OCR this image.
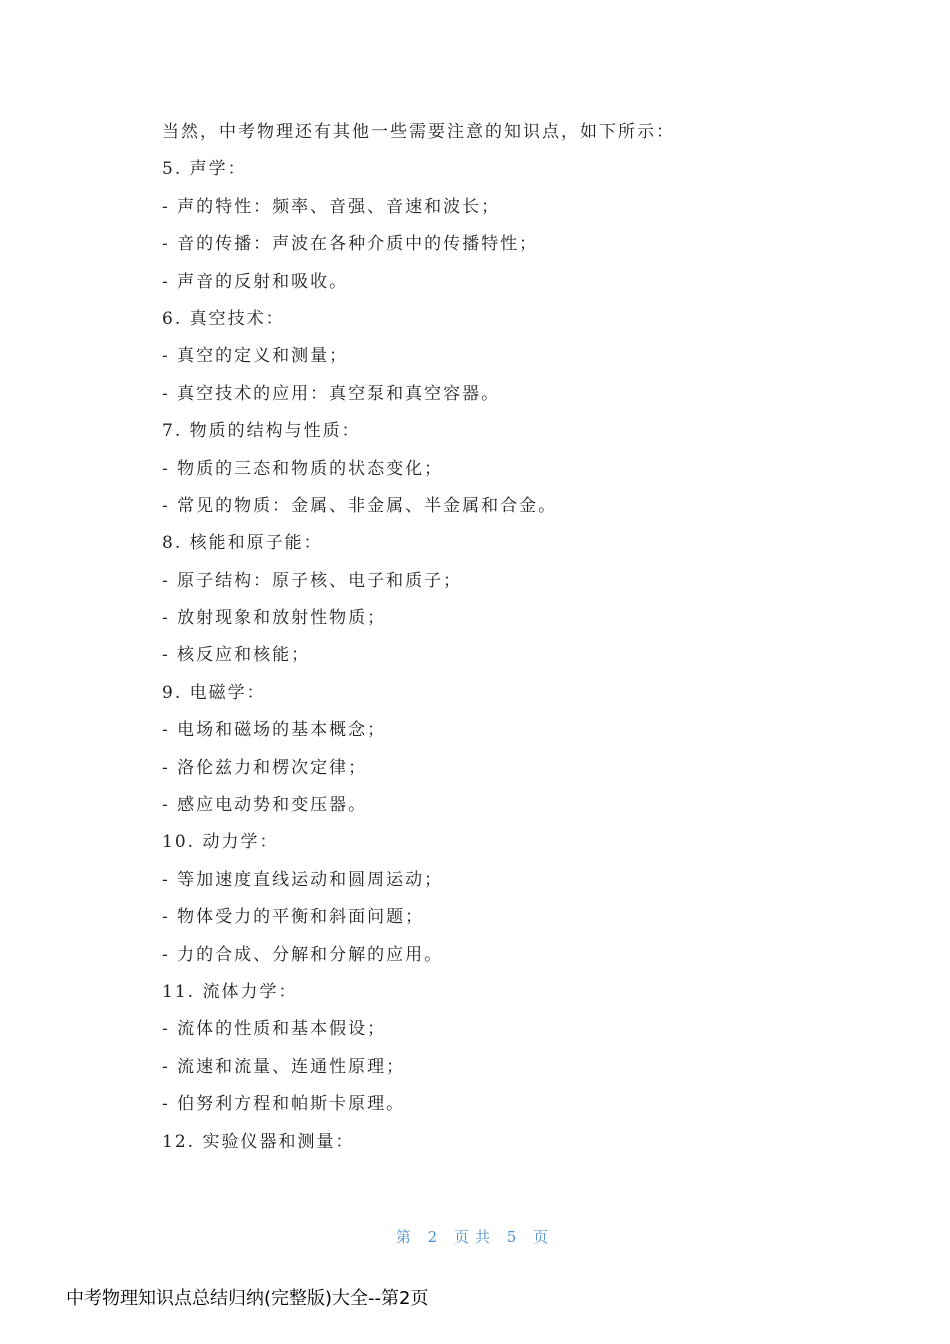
当然，中考物理还有其他一些需要注意的知识点，如下所示：
5. 声学：
- 声的特性：频率、音强、音速和波长；
- 音的传播：声波在各种介质中的传播特性；
- 声音的反射和吸收。
6. 真空技术：
- 真空的定义和测量；
- 真空技术的应用：真空泵和真空容器。
7. 物质的结构与性质：
- 物质的三态和物质的状态变化；
- 常见的物质：金属、非金属、半金属和合金。
8. 核能和原子能：
- 原子结构：原子核、电子和质子；
- 放射现象和放射性物质；
- 核反应和核能；
9. 电磁学：
- 电场和磁场的基本概念；
- 洛伦兹力和楞次定律；
- 感应电动势和变压器。
10. 动力学：
- 等加速度直线运动和圆周运动；
- 物体受力的平衡和斜面问题；
- 力的合成、分解和分解的应用。
11. 流体力学：
- 流体的性质和基本假设；
- 流速和流量、连通性原理；
- 伯努利方程和帕斯卡原理。
12. 实验仪器和测量：
第 2 页共 5 页
中考物理知识点总结归纳(完整版)大全--第2页
